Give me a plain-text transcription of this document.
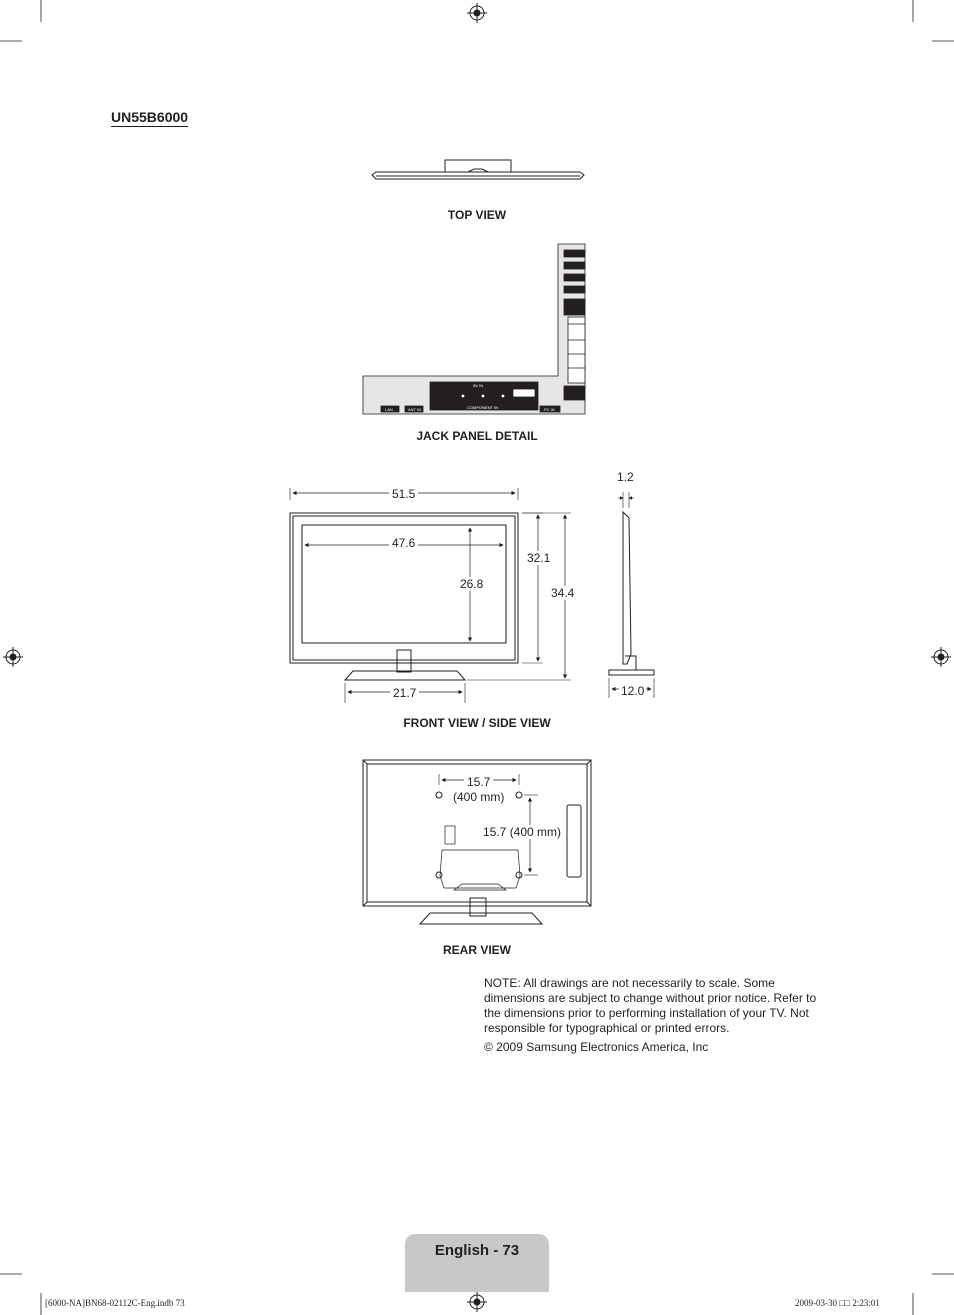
UN55B6000
TOP VIEW
AV IN
COMPONENT IN
LAN	ANT IN	PC IN
JACK PANEL DETAIL
51.5
47.6
26.8
32.1
34.4
21.7
1.2
12.0
FRONT VIEW / SIDE VIEW
15.7
(400 mm)
15.7 (400 mm)
REAR VIEW
NOTE: All drawings are not necessarily to scale. Some dimensions are subject to change without prior notice. Refer to the dimensions prior to performing installation of your TV. Not responsible for typographical or printed errors.
© 2009 Samsung Electronics America, Inc
English - 73
[6000-NA]BN68-02112C-Eng.indb 73	2009-03-30 □□ 2:23:01
